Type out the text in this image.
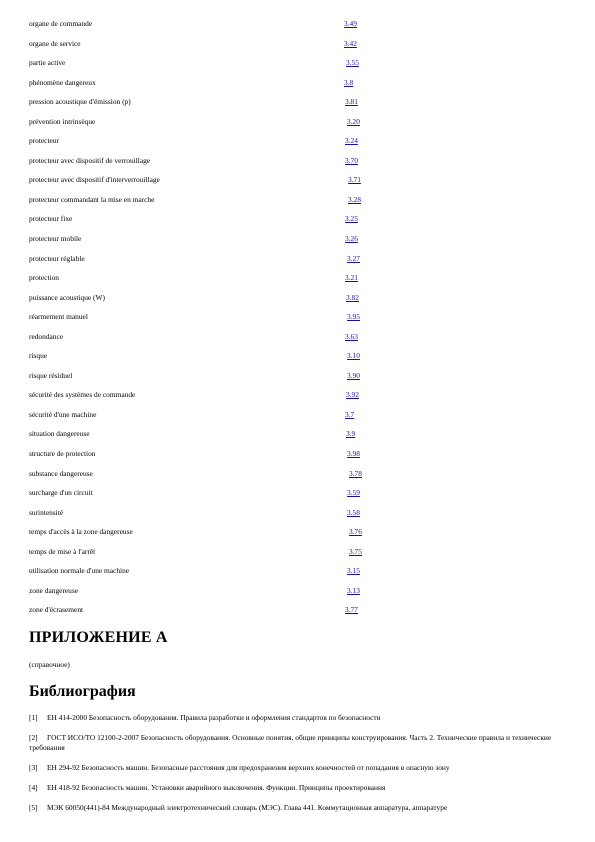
organe de commande	3.49
organe de service	3.42
partie active	3.55
phénomène dangereux	3.8
pression acoustique d'émission (p)	3.81
prévention intrinsèque	3.20
protecteur	3.24
protecteur avec dispositif de verrouillage	3.70
protecteur avec dispositif d'interverrouillage	3.71
protecteur commandant la mise en marche	3.28
protecteur fixe	3.25
protecteur mobile	3.26
protecteur réglable	3.27
protection	3.21
puissance acoustique (W)	3.82
réarmement manuel	3.95
redondance	3.63
risque	3.10
risque résiduel	3.90
sécurité des systèmes de commande	3.92
sécurité d'une machine	3.7
situation dangereuse	3.9
structure de protection	3.98
substance dangereuse	3.78
surcharge d'un circuit	3.59
surintensité	3.58
temps d'accès à la zone dangereuse	3.76
temps de mise à l'arrêt	3.75
utilisation normale d'une machine	3.15
zone dangereuse	3.13
zone d'écrasement	3.77
ПРИЛОЖЕНИЕ А
(справочное)
Библиография
[1] ЕН 414-2000 Безопасность оборудования. Правила разработки и оформления стандартов по безопасности
[2] ГОСТ ИСО/ТО 12100-2-2007 Безопасность оборудования. Основные понятия, общие принципы конструирования. Часть 2. Технические правила и технические требования
[3] ЕН 294-92 Безопасность машин. Безопасные расстояния для предохранения верхних конечностей от попадания в опасную зону
[4] ЕН 418-92 Безопасность машин. Установки аварийного выключения. Функции. Принципы проектирования
[5] МЭК 60050(441)-84 Международный электротехнический словарь (МЭС). Глава 441. Коммутационная аппаратура, аппаратуре
